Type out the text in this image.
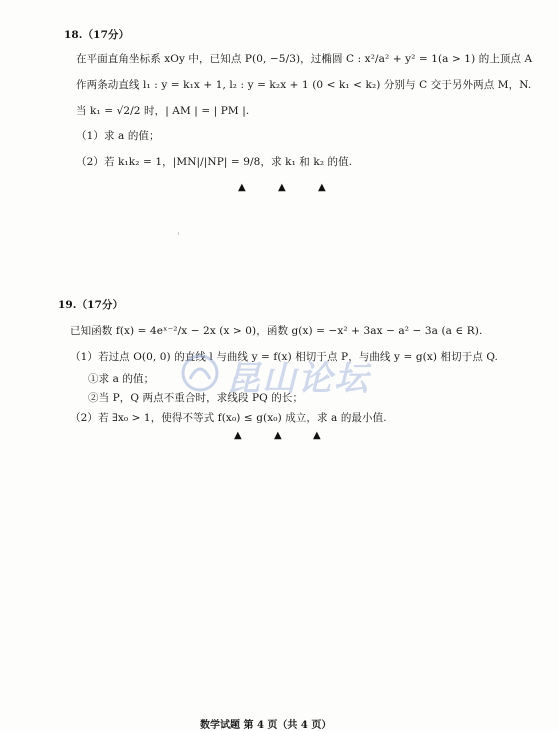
18.（17分）
在平面直角坐标系 xOy 中，已知点 P(0, −5/3)，过椭圆 C : x²/a² + y² = 1(a > 1) 的上顶点 A
作两条动直线 l₁ : y = k₁x + 1, l₂ : y = k₂x + 1 (0 < k₁ < k₂) 分别与 C 交于另外两点 M，N.
当 k₁ = √2/2 时，| AM | = | PM |.
（1）求 a 的值；
（2）若 k₁k₂ = 1，|MN|/|NP| = 9/8，求 k₁ 和 k₂ 的值.
▲	▲	▲
19.（17分）
已知函数 f(x) = 4eˣ⁻²/x − 2x (x > 0)，函数 g(x) = −x² + 3ax − a² − 3a (a ∈ R).
（1）若过点 O(0, 0) 的直线 l 与曲线 y = f(x) 相切于点 P，与曲线 y = g(x) 相切于点 Q.
①求 a 的值；
②当 P，Q 两点不重合时，求线段 PQ 的长；
（2）若 ∃x₀ > 1，使得不等式 f(x₀) ≤ g(x₀) 成立，求 a 的最小值.
▲	▲	▲
昆山论坛
数学试题 第 4 页（共 4 页）
